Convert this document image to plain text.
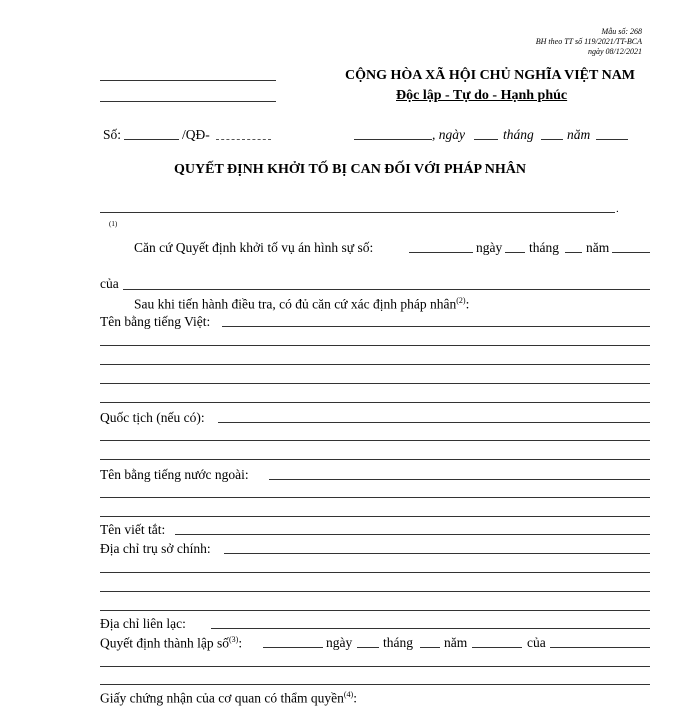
Mẫu số: 268
BH theo TT số 119/2021/TT-BCA
ngày 08/12/2021
CỘNG HÒA XÃ HỘI CHỦ NGHĨA VIỆT NAM
Độc lập - Tự do - Hạnh phúc
Số:	/QĐ-	, ngày	tháng năm
QUYẾT ĐỊNH KHỞI TỐ BỊ CAN ĐỐI VỚI PHÁP NHÂN
.
(1)
Căn cứ Quyết định khởi tố vụ án hình sự số:	ngày tháng năm
của
Sau khi tiến hành điều tra, có đủ căn cứ xác định pháp nhân$^{(2)}$:
Tên bằng tiếng Việt:
Quốc tịch (nếu có):
Tên bằng tiếng nước ngoài:
Tên viết tắt:
Địa chỉ trụ sở chính:
Địa chỉ liên lạc:
Quyết định thành lập số$^{(3)}$:	ngày tháng năm	của
Giấy chứng nhận của cơ quan có thẩm quyền$^{(4)}$:
